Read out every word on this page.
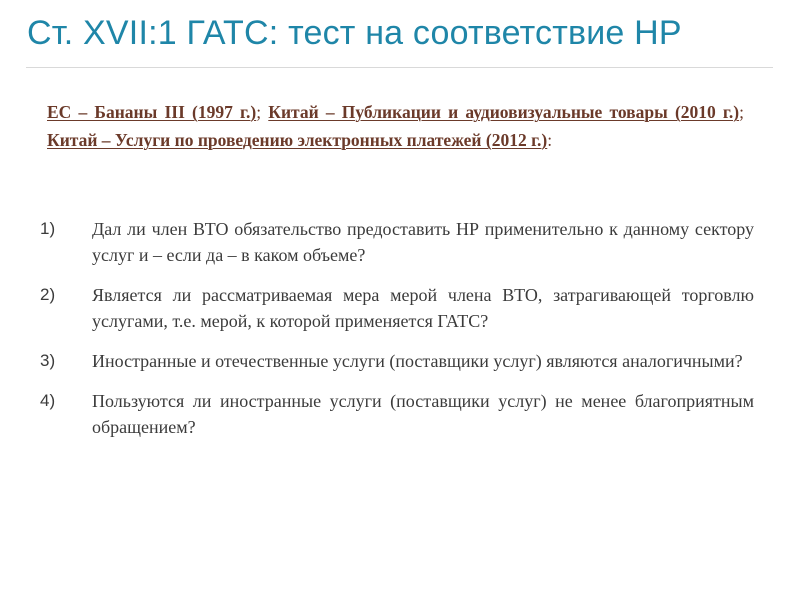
Ст. XVII:1 ГАТС: тест на соответствие НР

ЕС – Бананы III (1997 г.); Китай – Публикации и аудиовизуальные товары (2010 г.); Китай – Услуги по проведению электронных платежей (2012 г.):

1)	Дал ли член ВТО обязательство предоставить НР применительно к данному сектору услуг и – если да – в каком объеме?
2)	Является ли рассматриваемая мера мерой члена ВТО, затрагивающей торговлю услугами, т.е. мерой, к которой применяется ГАТС?
3)	Иностранные и отечественные услуги (поставщики услуг) являются аналогичными?
4)	Пользуются ли иностранные услуги (поставщики услуг) не менее благоприятным обращением?
